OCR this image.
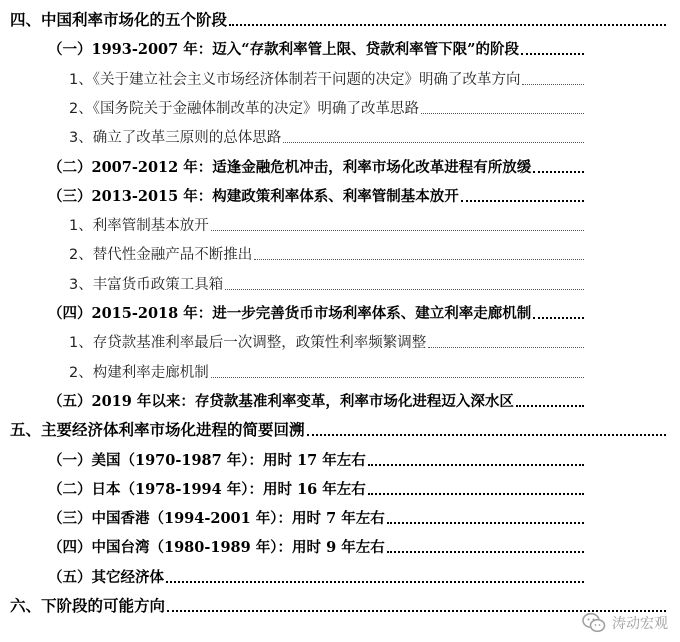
四、中国利率市场化的五个阶段
（一）1993-2007 年：迈入“存款利率管上限、贷款利率管下限”的阶段
1、《关于建立社会主义市场经济体制若干问题的决定》明确了改革方向
2、《国务院关于金融体制改革的决定》明确了改革思路
3、确立了改革三原则的总体思路
（二）2007-2012 年：适逢金融危机冲击，利率市场化改革进程有所放缓
（三）2013-2015 年：构建政策利率体系、利率管制基本放开
1、利率管制基本放开
2、替代性金融产品不断推出
3、丰富货币政策工具箱
（四）2015-2018 年：进一步完善货币市场利率体系、建立利率走廊机制
1、存贷款基准利率最后一次调整，政策性利率频繁调整
2、构建利率走廊机制
（五）2019 年以来：存贷款基准利率变革，利率市场化进程迈入深水区
五、主要经济体利率市场化进程的简要回溯
（一）美国（1970-1987 年）：用时 17 年左右
（二）日本（1978-1994 年）：用时 16 年左右
（三）中国香港（1994-2001 年）：用时 7 年左右
（四）中国台湾（1980-1989 年）：用时 9 年左右
（五）其它经济体
六、下阶段的可能方向
涛动宏观
